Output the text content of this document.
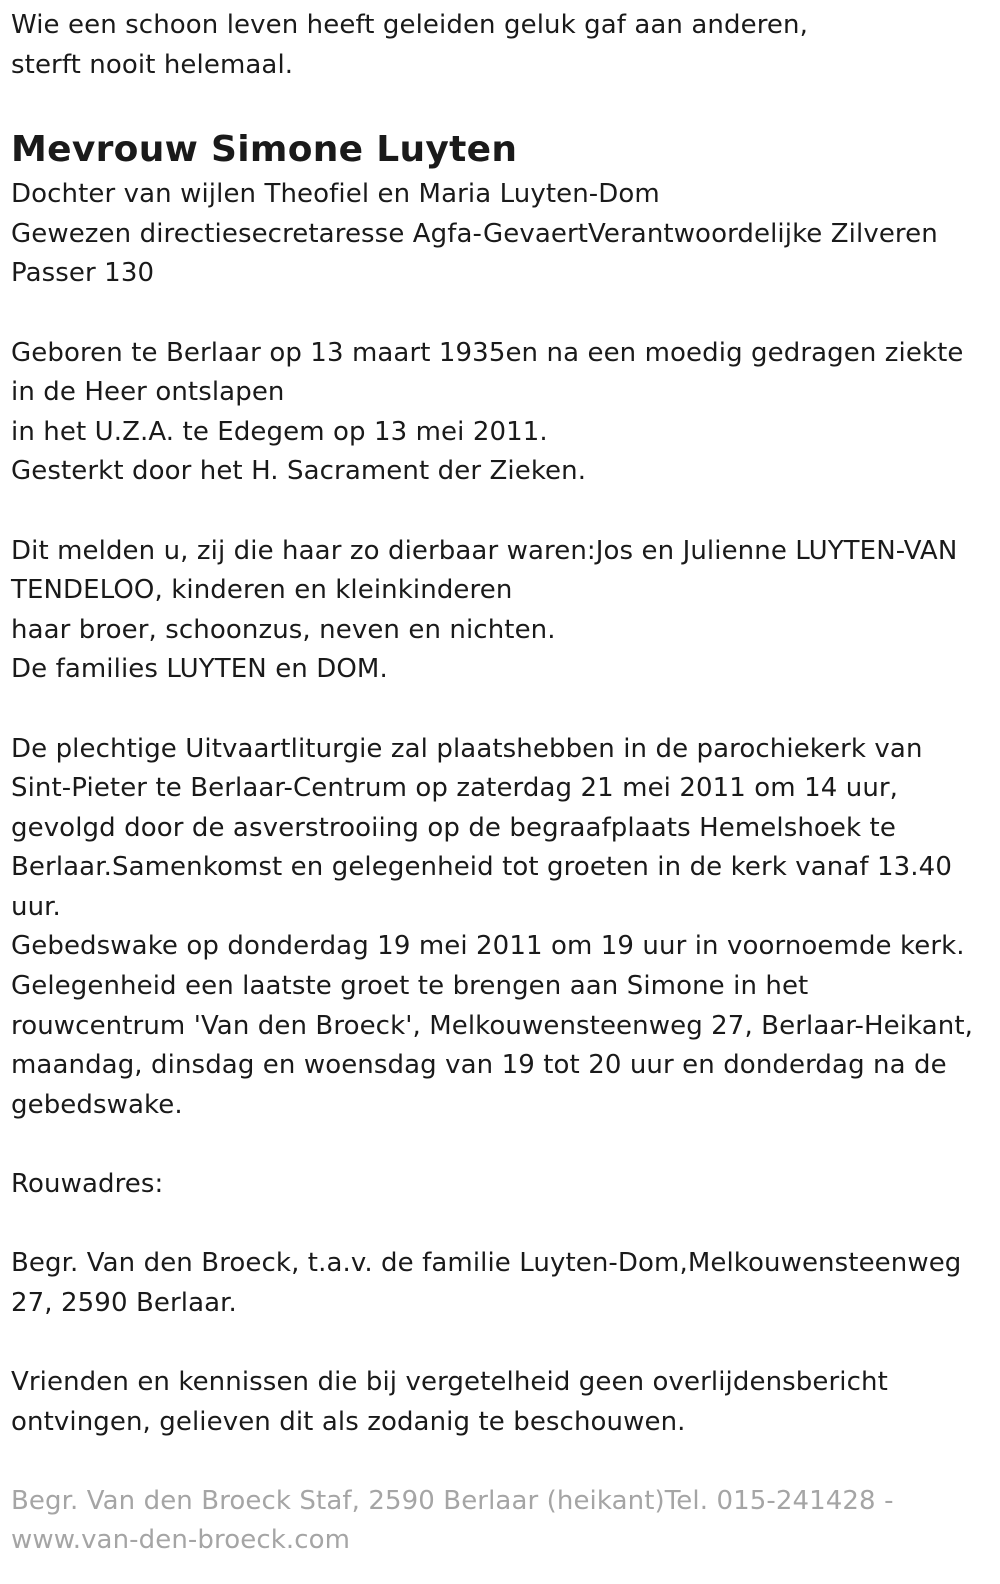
Wie een schoon leven heeft geleiden geluk gaf aan anderen,
sterft nooit helemaal.
Mevrouw Simone Luyten
Dochter van wijlen Theofiel en Maria Luyten-Dom
Gewezen directiesecretaresse Agfa-GevaertVerantwoordelijke Zilveren
Passer 130
Geboren te Berlaar op 13 maart 1935en na een moedig gedragen ziekte
in de Heer ontslapen
in het U.Z.A. te Edegem op 13 mei 2011.
Gesterkt door het H. Sacrament der Zieken.
Dit melden u, zij die haar zo dierbaar waren:Jos en Julienne LUYTEN-VAN
TENDELOO, kinderen en kleinkinderen
haar broer, schoonzus, neven en nichten.
De families LUYTEN en DOM.
De plechtige Uitvaartliturgie zal plaatshebben in de parochiekerk van
Sint-Pieter te Berlaar-Centrum op zaterdag 21 mei 2011 om 14 uur,
gevolgd door de asverstrooiing op de begraafplaats Hemelshoek te
Berlaar.Samenkomst en gelegenheid tot groeten in de kerk vanaf 13.40
uur.
Gebedswake op donderdag 19 mei 2011 om 19 uur in voornoemde kerk.
Gelegenheid een laatste groet te brengen aan Simone in het
rouwcentrum 'Van den Broeck', Melkouwensteenweg 27, Berlaar-Heikant,
maandag, dinsdag en woensdag van 19 tot 20 uur en donderdag na de
gebedswake.
Rouwadres:
Begr. Van den Broeck, t.a.v. de familie Luyten-Dom,Melkouwensteenweg
27, 2590 Berlaar.
Vrienden en kennissen die bij vergetelheid geen overlijdensbericht
ontvingen, gelieven dit als zodanig te beschouwen.
Begr. Van den Broeck Staf, 2590 Berlaar (heikant)Tel. 015-241428 -
www.van-den-broeck.com
